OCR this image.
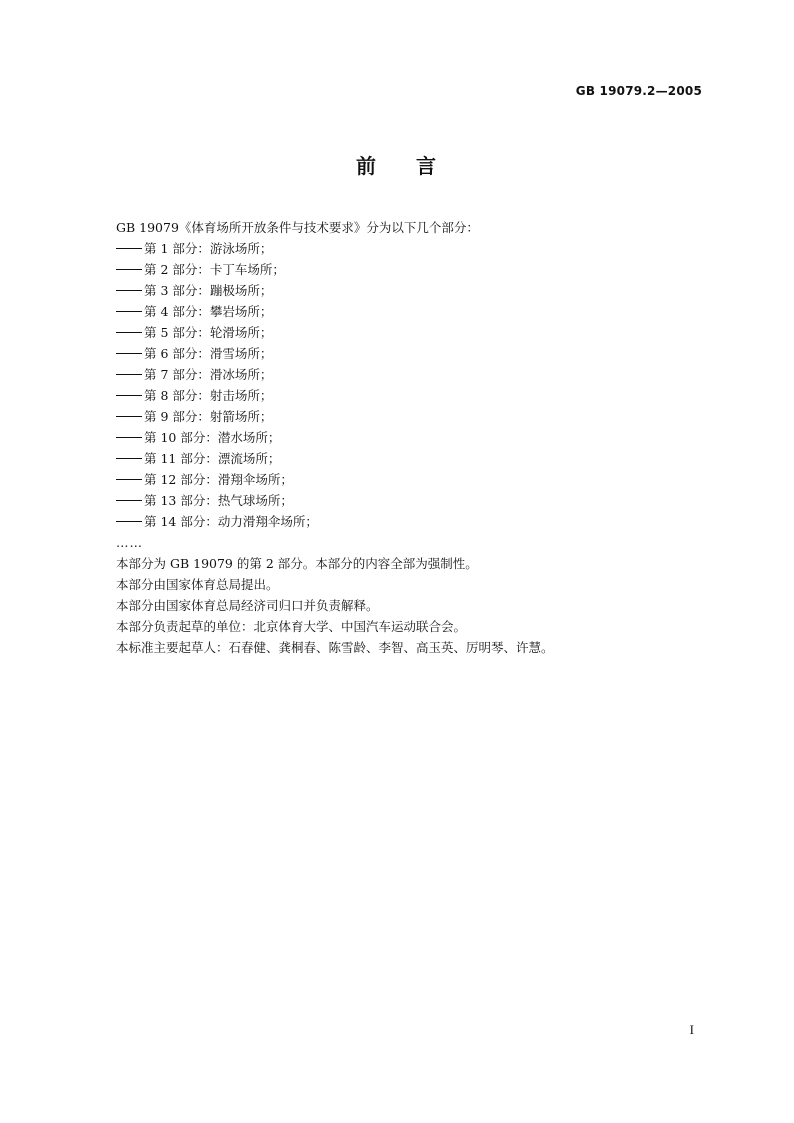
GB 19079.2—2005
前 言
GB 19079《体育场所开放条件与技术要求》分为以下几个部分：
第 1 部分：游泳场所；
第 2 部分：卡丁车场所；
第 3 部分：蹦极场所；
第 4 部分：攀岩场所；
第 5 部分：轮滑场所；
第 6 部分：滑雪场所；
第 7 部分：滑冰场所；
第 8 部分：射击场所；
第 9 部分：射箭场所；
第 10 部分：潜水场所；
第 11 部分：漂流场所；
第 12 部分：滑翔伞场所；
第 13 部分：热气球场所；
第 14 部分：动力滑翔伞场所；
……
本部分为 GB 19079 的第 2 部分。本部分的内容全部为强制性。
本部分由国家体育总局提出。
本部分由国家体育总局经济司归口并负责解释。
本部分负责起草的单位：北京体育大学、中国汽车运动联合会。
本标准主要起草人：石春健、龚桐春、陈雪龄、李智、高玉英、厉明琴、许慧。
I
